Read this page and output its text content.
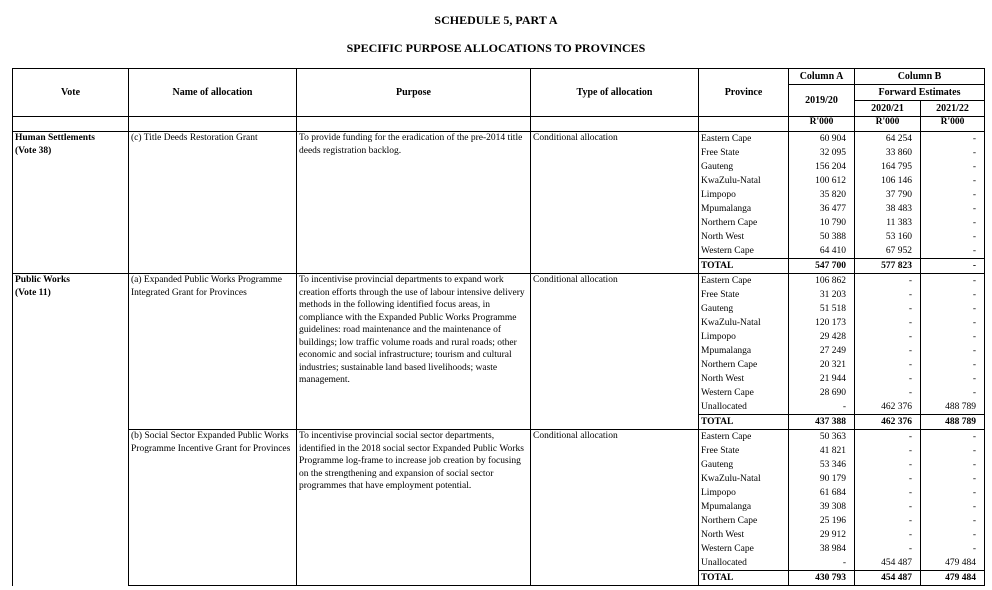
SCHEDULE 5, PART A
SPECIFIC PURPOSE ALLOCATIONS TO PROVINCES
Vote	Name of allocation	Purpose	Type of allocation	Province	Column A	Column B	
					2019/20	Forward Estimates	
						2020/21	2021/22
					R'000	R'000	R'000
Human Settlements
(Vote 38)	(c) Title Deeds Restoration Grant	To provide funding for the eradication of the pre-2014 title deeds registration backlog.	Conditional allocation	Eastern Cape	60 904	64 254	-
				Free State	32 095	33 860	-
				Gauteng	156 204	164 795	-
				KwaZulu-Natal	100 612	106 146	-
				Limpopo	35 820	37 790	-
				Mpumalanga	36 477	38 483	-
				Northern Cape	10 790	11 383	-
				North West	50 388	53 160	-
				Western Cape	64 410	67 952	-
				TOTAL	547 700	577 823	-
Public Works
(Vote 11)	(a) Expanded Public Works Programme Integrated Grant for Provinces	To incentivise provincial departments to expand work creation efforts through the use of labour intensive delivery methods in the following identified focus areas, in compliance with the Expanded Public Works Programme guidelines: road maintenance and the maintenance of buildings; low traffic volume roads and rural roads; other economic and social infrastructure; tourism and cultural industries; sustainable land based livelihoods; waste management.	Conditional allocation	Eastern Cape	106 862	-	-
				Free State	31 203	-	-
				Gauteng	51 518	-	-
				KwaZulu-Natal	120 173	-	-
				Limpopo	29 428	-	-
				Mpumalanga	27 249	-	-
				Northern Cape	20 321	-	-
				North West	21 944	-	-
				Western Cape	28 690	-	-
				Unallocated	-	462 376	488 789
				TOTAL	437 388	462 376	488 789
	(b) Social Sector Expanded Public Works Programme Incentive Grant for Provinces	To incentivise provincial social sector departments, identified in the 2018 social sector Expanded Public Works Programme log-frame to increase job creation by focusing on the strengthening and expansion of social sector programmes that have employment potential.	Conditional allocation	Eastern Cape	50 363	-	-
				Free State	41 821	-	-
				Gauteng	53 346	-	-
				KwaZulu-Natal	90 179	-	-
				Limpopo	61 684	-	-
				Mpumalanga	39 308	-	-
				Northern Cape	25 196	-	-
				North West	29 912	-	-
				Western Cape	38 984	-	-
				Unallocated	-	454 487	479 484
				TOTAL	430 793	454 487	479 484
